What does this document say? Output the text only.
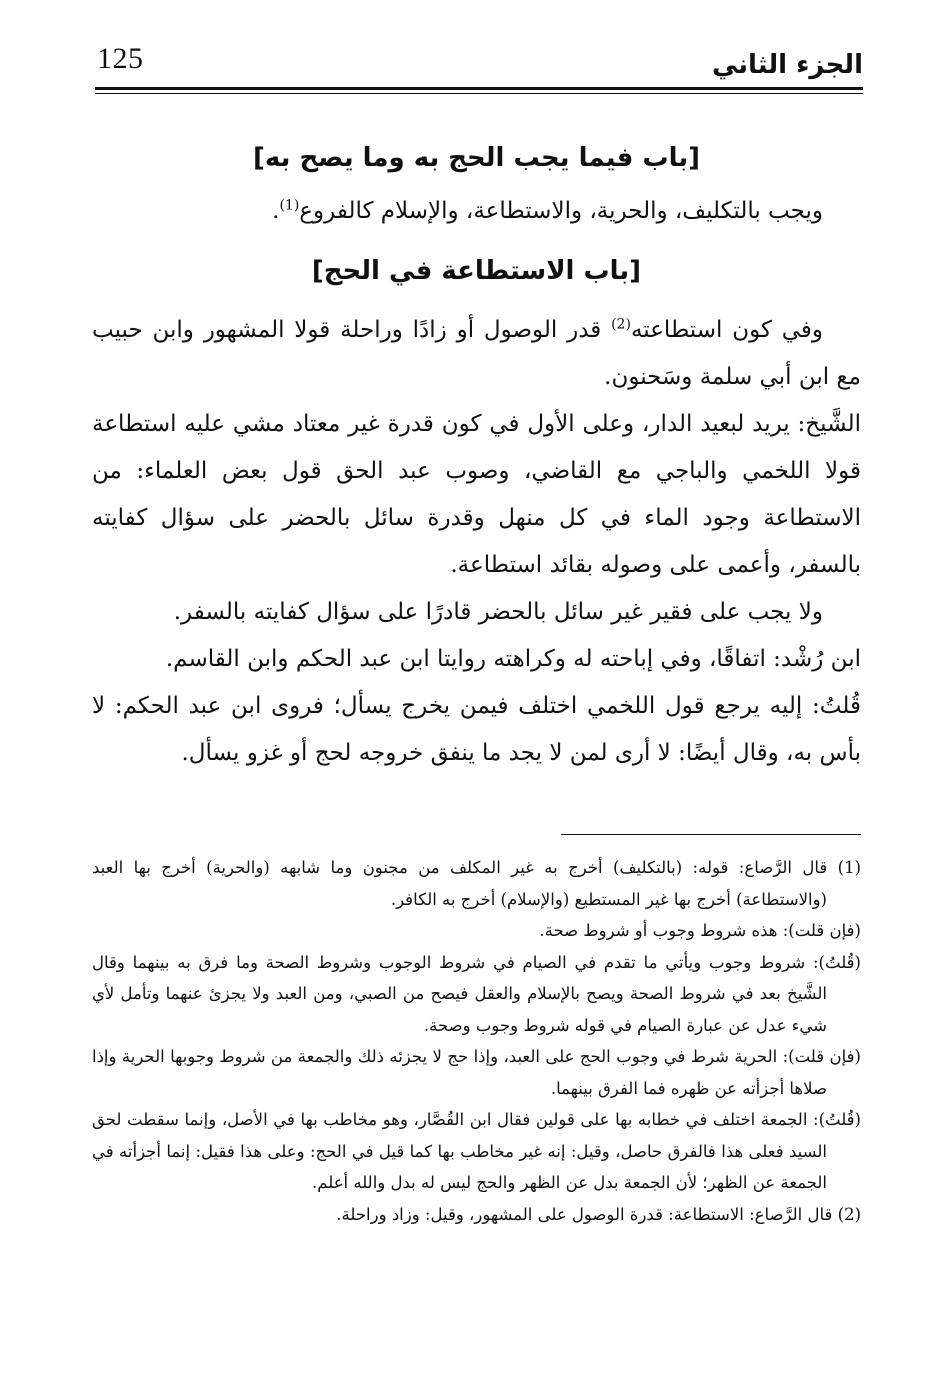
125	الجزء الثاني
[باب فيما يجب الحج به وما يصح به]

ويجب بالتكليف، والحرية، والاستطاعة، والإسلام كالفروع$^{(1)}$.

[باب الاستطاعة في الحج]

وفي كون استطاعته$^{(2)}$ قدر الوصول أو زادًا وراحلة قولا المشهور وابن حبيب مع ابن أبي سلمة وسَحنون.

الشَّيخ: يريد لبعيد الدار، وعلى الأول في كون قدرة غير معتاد مشي عليه استطاعة قولا اللخمي والباجي مع القاضي، وصوب عبد الحق قول بعض العلماء: من الاستطاعة وجود الماء في كل منهل وقدرة سائل بالحضر على سؤال كفايته بالسفر، وأعمى على وصوله بقائد استطاعة.

ولا يجب على فقير غير سائل بالحضر قادرًا على سؤال كفايته بالسفر.

ابن رُشْد: اتفاقًا، وفي إباحته له وكراهته روايتا ابن عبد الحكم وابن القاسم.

قُلتُ: إليه يرجع قول اللخمي اختلف فيمن يخرج يسأل؛ فروى ابن عبد الحكم: لا بأس به، وقال أيضًا: لا أرى لمن لا يجد ما ينفق خروجه لحج أو غزو يسأل.

(1) قال الرَّصاع: قوله: (بالتكليف) أخرج به غير المكلف من مجنون وما شابهه (والحرية) أخرج بها العبد (والاستطاعة) أخرج بها غير المستطيع (والإسلام) أخرج به الكافر.

(فإن قلت): هذه شروط وجوب أو شروط صحة.

(قُلتُ): شروط وجوب ويأتي ما تقدم في الصيام في شروط الوجوب وشروط الصحة وما فرق به بينهما وقال الشَّيخ بعد في شروط الصحة ويصح بالإسلام والعقل فيصح من الصبي، ومن العبد ولا يجزئ عنهما وتأمل لأي شيء عدل عن عبارة الصيام في قوله شروط وجوب وصحة.

(فإن قلت): الحرية شرط في وجوب الحج على العبد، وإذا حج لا يجزئه ذلك والجمعة من شروط وجوبها الحرية وإذا صلاها أجزأته عن ظهره فما الفرق بينهما.

(قُلتُ): الجمعة اختلف في خطابه بها على قولين فقال ابن القُصَّار، وهو مخاطب بها في الأصل، وإنما سقطت لحق السيد فعلى هذا فالفرق حاصل، وقيل: إنه غير مخاطب بها كما قيل في الحج: وعلى هذا فقيل: إنما أجزأته في الجمعة عن الظهر؛ لأن الجمعة بدل عن الظهر والحج ليس له بدل والله أعلم.

(2) قال الرَّصاع: الاستطاعة: قدرة الوصول على المشهور، وقيل: وزاد وراحلة.
